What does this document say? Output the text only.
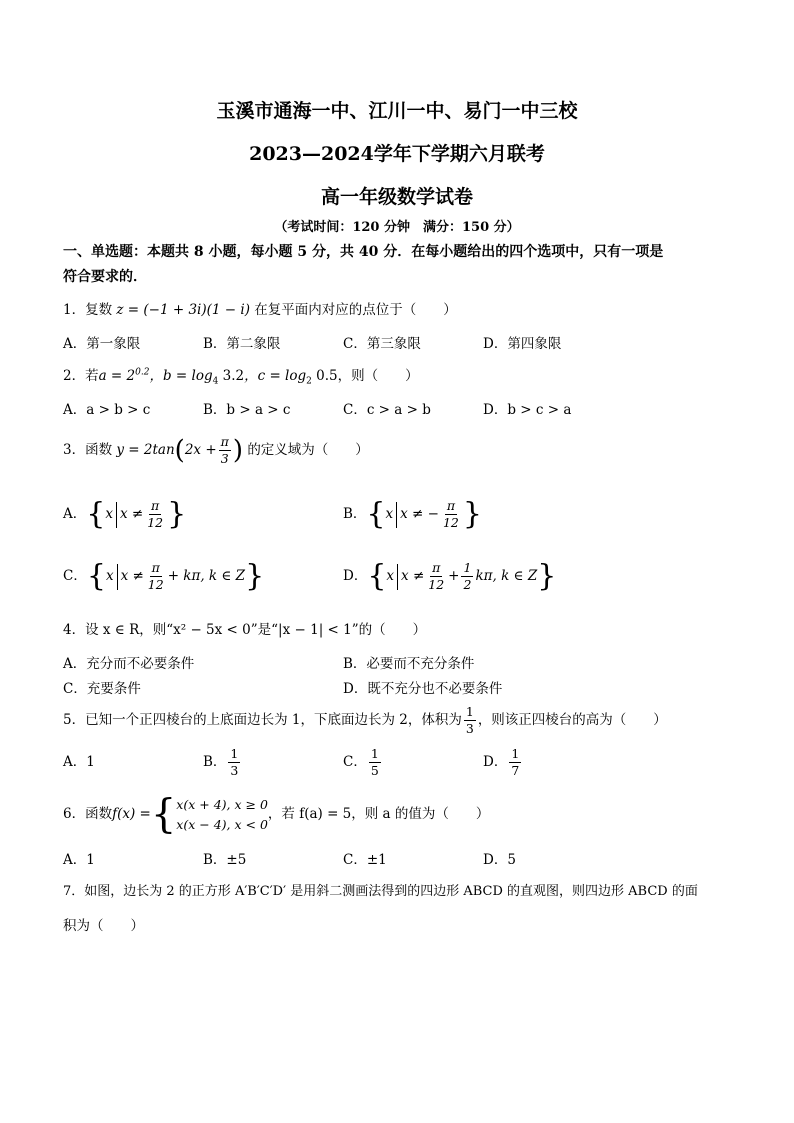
玉溪市通海一中、江川一中、易门一中三校
2023—2024学年下学期六月联考
高一年级数学试卷
（考试时间：120 分钟　满分：150 分）
一、单选题：本题共 8 小题，每小题 5 分，共 40 分．在每小题给出的四个选项中，只有一项是
符合要求的．
1．复数 z = (−1 + 3i)(1 − i) 在复平面内对应的点位于（　　）
A．第一象限	B．第二象限	C．第三象限	D．第四象限
2．若$a = 2^{0.2}$，$b = \log_4 3.2$，$c = \log_2 0.5$，则（　　）
A．a > b > c	B．b > a > c	C．c > a > b	D．b > c > a
3．函数 $y = 2\tan(2x + \frac{\pi}{3}$ ) 的定义域为（　　）
A．{x $x \ne \frac{\pi}{12}$ }	B．{x x ≠ − $\frac{\pi}{12}$ }
C．{x $x \ne \frac{\pi}{12} + k\pi$, k ∈ Z}	D．{x $x \ne \frac{\pi}{12} + \frac{1}{2} k\pi$, k ∈ Z}
4．设 x ∈ R，则“x² − 5x < 0”是“|x − 1| < 1”的（　　）
A．充分而不必要条件	B．必要而不充分条件
C．充要条件	D．既不充分也不必要条件
5．已知一个正四棱台的上底面边长为 1，下底面边长为 2，体积为 $\frac{1}{3}$ ，则该正四棱台的高为（　　）
A．1	B． $\frac{1}{3}$	C． $\frac{1}{5}$	D． $\frac{1}{7}$
6．函数f(x) ={ x(x + 4), x ≥ 0
x(x − 4), x < 0
，若 f(a) = 5，则 a 的值为（　　）
A．1	B．±5	C．±1	D．5
7．如图，边长为 2 的正方形 A′B′C′D′ 是用斜二测画法得到的四边形 ABCD 的直观图，则四边形 ABCD 的面
积为（　　）
